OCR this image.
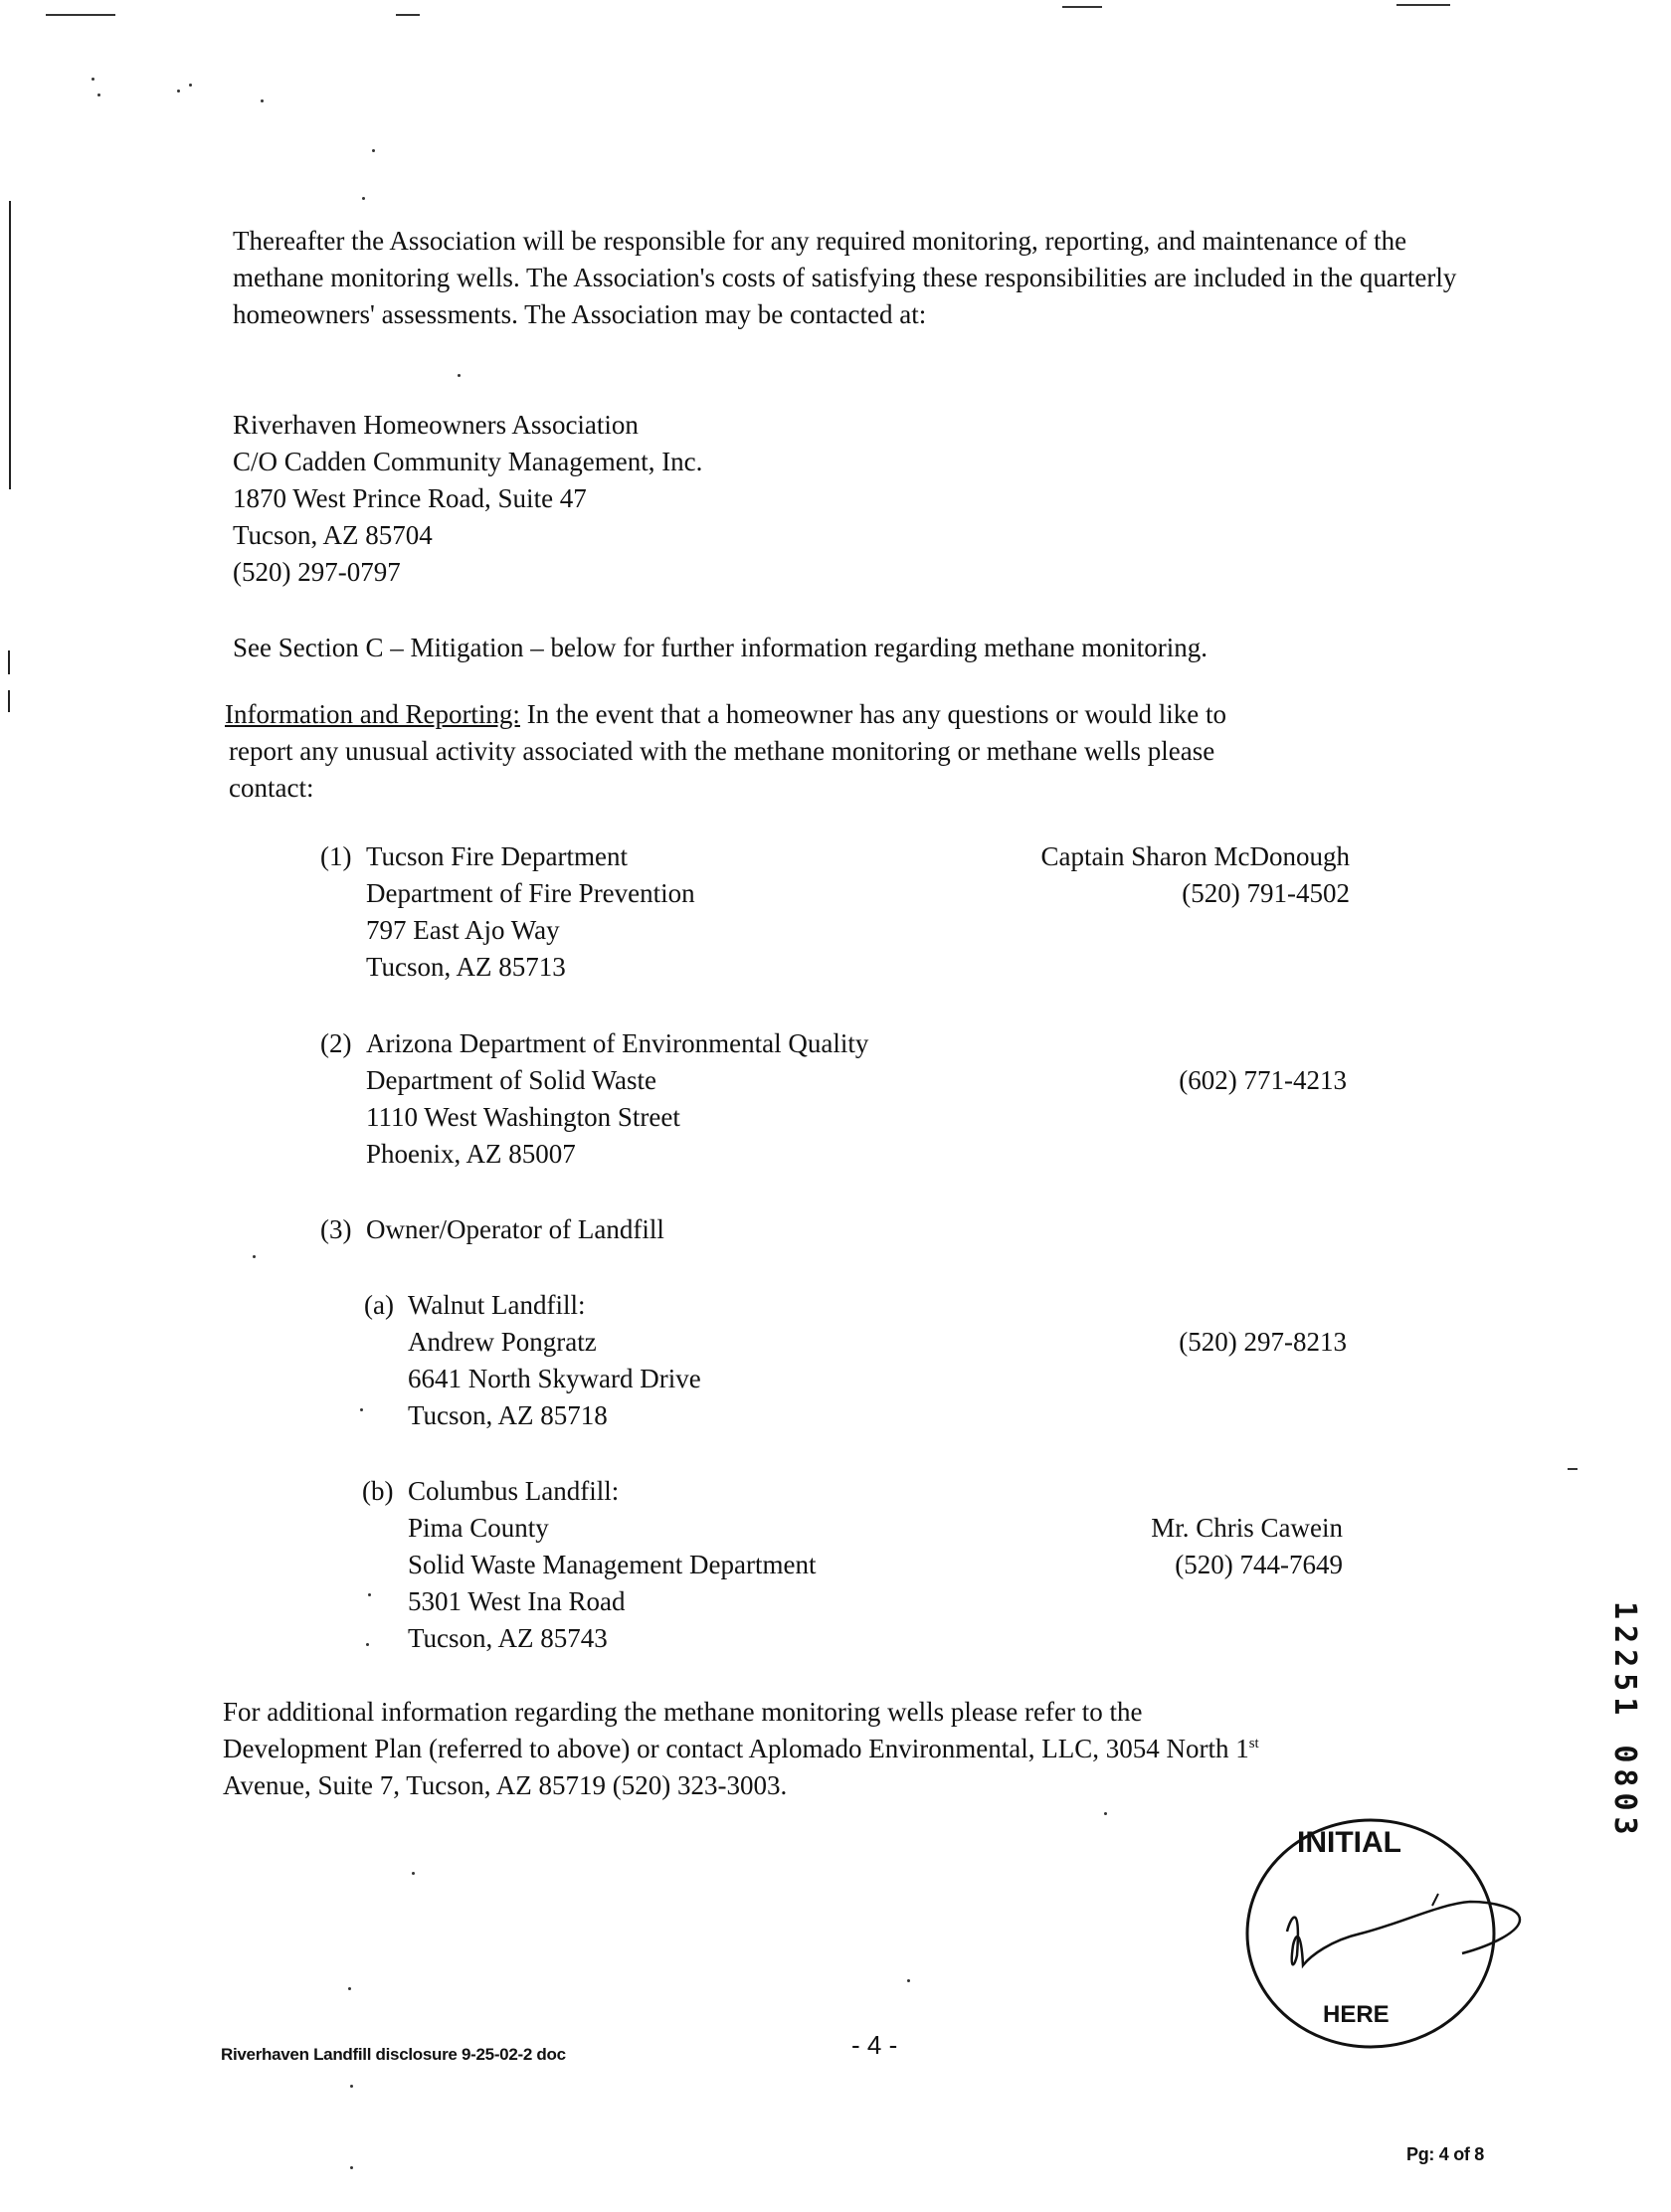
Thereafter the Association will be responsible for any required monitoring, reporting, and maintenance of the methane monitoring wells. The Association's costs of satisfying these responsibilities are included in the quarterly homeowners' assessments. The Association may be contacted at:
Riverhaven Homeowners Association
C/O Cadden Community Management, Inc.
1870 West Prince Road, Suite 47
Tucson, AZ 85704
(520) 297-0797
See Section C – Mitigation – below for further information regarding methane monitoring.
Information and Reporting: In the event that a homeowner has any questions or would like to
report any unusual activity associated with the methane monitoring or methane wells please
contact:
(1) Tucson Fire Department
Department of Fire Prevention
797 East Ajo Way
Tucson, AZ 85713
Captain Sharon McDonough
(520) 791-4502
(2) Arizona Department of Environmental Quality
Department of Solid Waste
1110 West Washington Street
Phoenix, AZ 85007
(602) 771-4213
(3) Owner/Operator of Landfill
(a) Walnut Landfill:
Andrew Pongratz
6641 North Skyward Drive
Tucson, AZ 85718
(520) 297-8213
(b) Columbus Landfill:
Pima County
Solid Waste Management Department
5301 West Ina Road
Tucson, AZ 85743
Mr. Chris Cawein
(520) 744-7649
For additional information regarding the methane monitoring wells please refer to the
Development Plan (referred to above) or contact Aplomado Environmental, LLC, 3054 North 1st
Avenue, Suite 7, Tucson, AZ 85719 (520) 323-3003.
INITIAL
HERE
12251 0803
Riverhaven Landfill disclosure 9-25-02-2 doc	- 4 -
Pg: 4 of 8
